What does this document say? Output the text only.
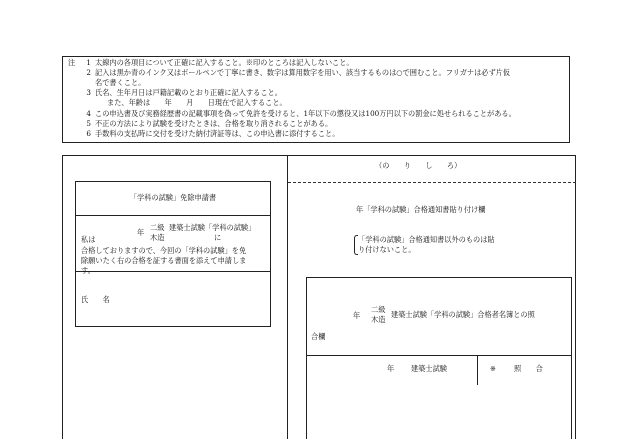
注	1 太線内の各項目について正確に記入すること。※印のところは記入しないこと。
2 記入は黒か青のインク又はボールペンで丁寧に書き、数字は算用数字を用い、該当するものは○で囲むこと。フリガナは必ず片仮
名で書くこと。
3 氏名、生年月日は戸籍記載のとおり正確に記入すること。
また、年齢は　　年　　月　　日現在で記入すること。
4 この申込書及び実務経歴書の記載事項を偽って免許を受けると、1年以下の懲役又は100万円以下の罰金に処せられることがある。
5 不正の方法により試験を受けたときは、合格を取り消されることがある。
6 手数料の支払時に交付を受けた納付済証等は、この申込書に添付すること。
（の　　り　　し　　ろ）
「学科の試験」免除申請書
私は
年
二級
木造
建築士試験「学科の試験」
に
合格しておりますので、今回の「学科の試験」を免
除願いたく右の合格を証する書面を添えて申請しま
す。
氏　　名
年「学科の試験」合格通知書貼り付け欄
「学科の試験」合格通知書以外のものは貼
り付けないこと。
年
二級
木造
建築士試験「学科の試験」合格者名簿との照
合欄
年 建築士試験	※ 照　　合
